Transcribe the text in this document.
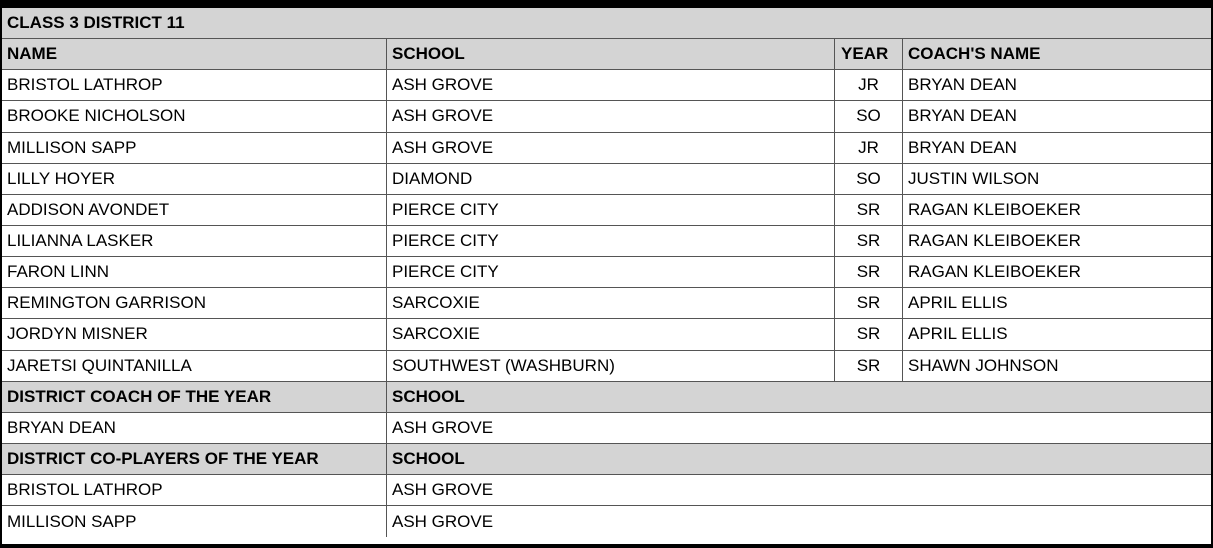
CLASS 3 DISTRICT 11
NAME	SCHOOL	YEAR	COACH'S NAME
BRISTOL LATHROP	ASH GROVE	JR	BRYAN DEAN
BROOKE NICHOLSON	ASH GROVE	SO	BRYAN DEAN
MILLISON SAPP	ASH GROVE	JR	BRYAN DEAN
LILLY HOYER	DIAMOND	SO	JUSTIN WILSON
ADDISON AVONDET	PIERCE CITY	SR	RAGAN KLEIBOEKER
LILIANNA LASKER	PIERCE CITY	SR	RAGAN KLEIBOEKER
FARON LINN	PIERCE CITY	SR	RAGAN KLEIBOEKER
REMINGTON GARRISON	SARCOXIE	SR	APRIL ELLIS
JORDYN MISNER	SARCOXIE	SR	APRIL ELLIS
JARETSI QUINTANILLA	SOUTHWEST (WASHBURN)	SR	SHAWN JOHNSON
DISTRICT COACH OF THE YEAR	SCHOOL
BRYAN DEAN	ASH GROVE
DISTRICT CO-PLAYERS OF THE YEAR	SCHOOL
BRISTOL LATHROP	ASH GROVE
MILLISON SAPP	ASH GROVE
